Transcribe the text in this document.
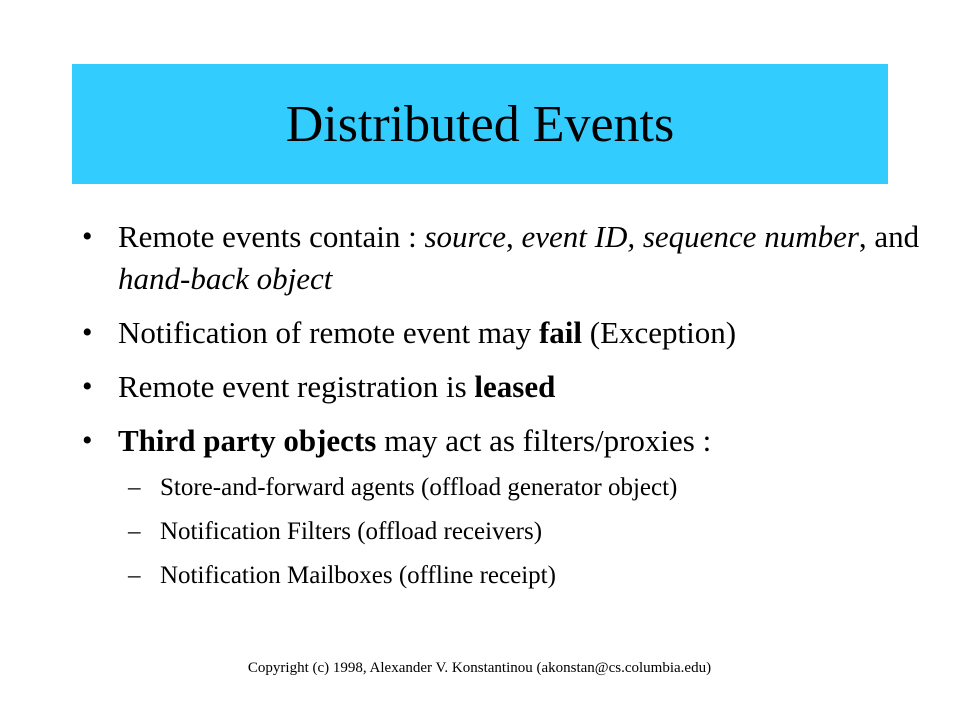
Distributed Events
• Remote events contain : source, event ID, sequence number, and hand-back object
• Notification of remote event may fail (Exception)
• Remote event registration is leased
• Third party objects may act as filters/proxies :
– Store-and-forward agents (offload generator object)
– Notification Filters (offload receivers)
– Notification Mailboxes (offline receipt)
Copyright (c) 1998, Alexander V. Konstantinou (akonstan@cs.columbia.edu)
